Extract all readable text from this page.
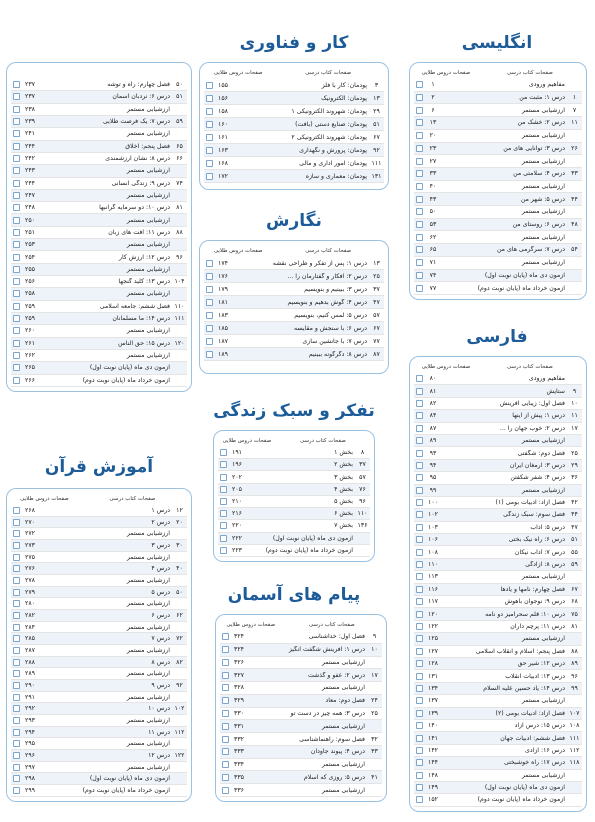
انگلیسی
صفحات کتاب درسی
صفحات دروس طلایی
مفاهیم ورودی
۱
۱
درس ۱: مثبت من
۲
۷
ارزشیابی مستمر
۶
۱۱
درس ۲: خشک من
۱۳
ارزشیابی مستمر
۲۰
۲۶
درس ۳: توانایی های من
۲۳
ارزشیابی مستمر
۲۷
۳۳
درس ۴: سلامتی من
۳۳
ارزشیابی مستمر
۴۰
۴۴
درس ۵: شهر من
۴۳
ارزشیابی مستمر
۵۰
۴۸
درس ۶: روستای من
۵۳
ارزشیابی مستمر
۶۲
۵۴
درس ۷: سرگرمی های من
۶۵
ارزشیابی مستمر
۷۱
آزمون دی ماه (پایان نوبت اول)
۷۴
آزمون خرداد ماه (پایان نوبت دوم)
۷۷
فارسی
صفحات کتاب درسی
صفحات دروس طلایی
مفاهیم ورودی
۸۰
۹
ستایش
۸۱
۱۰
فصل اول: زیبایی آفرینش
۸۲
۱۱
درس ۱: پیش از اینها
۸۴
۱۷
درس ۲: خوب جهان را ...
۸۷
ارزشیابی مستمر
۸۹
۲۵
فصل دوم: شگفتی
۹۳
۲۹
درس ۳: ارمغان ایران
۹۴
۳۶
درس ۴: شفر شکفتن
۹۵
ارزشیابی مستمر
۹۹
۴۲
فصل آزاد: ادبیات بومی (۱)
۱۰۰
۴۴
فصل سوم: سبک زندگی
۱۰۲
۴۷
درس ۵: آداب
۱۰۳
۵۱
درس ۶: راه نیک بختی
۱۰۶
۵۵
درس ۷: آداب نیکان
۱۰۸
۵۹
درس ۸: آزادگی
۱۱۰
ارزشیابی مستمر
۱۱۳
۶۷
فصل چهارم: نامها و یادها
۱۱۶
۶۸
درس ۹: نوجوان باهوش
۱۱۷
۷۵
درس ۱۰: قلم سحرآمیز دو نامه
۱۲۰
۸۱
درس ۱۱: پرچم داران
۱۲۲
ارزشیابی مستمر
۱۲۵
۸۸
فصل پنجم: اسلام و انقلاب اسلامی
۱۲۷
۸۹
درس ۱۲: شیر حق
۱۲۸
۹۶
درس ۱۳: ادبیات انقلاب
۱۳۱
۹۹
درس ۱۴: یاد حسین علیه السلام
۱۳۴
ارزشیابی مستمر
۱۳۷
۱۰۷
فصل آزاد: ادبیات بومی (۲)
۱۳۹
۱۰۸
درس ۱۵: درس آزاد
۱۴۰
۱۱۱
فصل ششم: ادبیات جهان
۱۴۱
۱۱۲
درس ۱۶: آزادی
۱۴۲
۱۱۸
درس ۱۷: راه خوشبختی
۱۴۴
ارزشیابی مستمر
۱۴۸
آزمون دی ماه (پایان نوبت اول)
۱۴۹
آزمون خرداد ماه (پایان نوبت دوم)
۱۵۲
کار و فناوری
صفحات کتاب درسی
صفحات دروس طلایی
۳
پودمان: کار با فلز
۱۵۵
۱۳
پودمان: الکترونیک
۱۵۶
۲۹
پودمان: شهروند الکترونیکی ۱
۱۵۸
۵۱
پودمان: صنایع دستی (بافت)
۱۶۰
۶۷
پودمان: شهروند الکترونیکی ۲
۱۶۱
۹۲
پودمان: پرورش و نگهداری
۱۶۳
۱۱۱
پودمان: امور اداری و مالی
۱۶۸
۱۳۱
پودمان: معماری و سازه
۱۷۲
نگارش
صفحات کتاب درسی
صفحات دروس طلایی
۱۳
درس ۱: پس از تفکر و طراحی نقشه
۱۷۴
۲۵
درس ۲: افکار و گفتارمان را ...
۱۷۶
۳۷
درس ۳: ببینیم و بنویسیم
۱۷۹
۴۷
درس ۴: گوش بدهیم و بنویسیم
۱۸۱
۵۷
درس ۵: لمس کنیم، بنویسیم
۱۸۳
۶۷
درس ۶: با سنجش و مقایسه
۱۸۵
۷۷
درس ۷: با جانشین سازی
۱۸۷
۸۷
درس ۸: دگرگونه ببینیم
۱۸۹
تفکر و سبک زندگی
صفحات کتاب درسی
صفحات دروس طلایی
۸
بخش ۱
۱۹۱
۳۷
بخش ۲
۱۹۶
۵۷
بخش ۳
۲۰۲
۷۶
بخش ۴
۲۰۵
۹۶
بخش ۵
۲۱۰
۱۱۰
بخش ۶
۲۱۶
۱۳۶
بخش ۷
۲۲۰
آزمون دی ماه (پایان نوبت اول)
۲۲۲
آزمون خرداد ماه (پایان نوبت دوم)
۲۲۳
پیام های آسمان
صفحات کتاب درسی
صفحات دروس طلایی
۹
فصل اول: خداشناسی
۳۲۴
۱۰
درس ۱: آفرینش شگفت انگیز
۳۲۴
ارزشیابی مستمر
۳۲۶
۱۷
درس ۲: عفو و گذشت
۳۲۷
ارزشیابی مستمر
۳۲۸
۲۴
فصل دوم: معاد
۳۲۹
۲۵
درس ۳: همه چیز در دست تو
۳۳۰
ارزشیابی مستمر
۳۳۱
۳۲
فصل سوم: راهنماشناسی
۳۳۲
۳۳
درس ۴: پیوند جاودان
۳۳۳
ارزشیابی مستمر
۳۳۴
۴۱
درس ۵: روزی که اسلام
۳۳۵
ارزشیابی مستمر
۳۳۶
۵۰
فصل چهارم: راه و توشه
۲۳۷
۵۱
درس ۶: نردبان آسمان
۲۳۷
ارزشیابی مستمر
۲۳۸
۵۹
درس ۷: یک فرصت طلایی
۲۳۹
ارزشیابی مستمر
۲۴۱
۶۵
فصل پنجم: اخلاق
۲۴۴
۶۶
درس ۸: نشان ارزشمندی
۲۴۲
ارزشیابی مستمر
۲۴۳
۷۴
درس ۹: زندگی انسانی
۲۴۴
ارزشیابی مستمر
۲۴۷
۸۱
درس ۱۰: دو سرمایه گرانبها
۲۴۸
ارزشیابی مستمر
۲۵۰
۸۸
درس ۱۱: آفت های زبان
۲۵۱
ارزشیابی مستمر
۲۵۳
۹۶
درس ۱۲: ارزش کار
۲۵۴
ارزشیابی مستمر
۲۵۵
۱۰۴
درس ۱۳: کلید گنجها
۲۵۶
ارزشیابی مستمر
۲۵۸
۱۱۰
فصل ششم: جامعه اسلامی
۲۵۹
۱۱۱
درس ۱۴: ما مسلمانان
۲۵۹
ارزشیابی مستمر
۲۶۰
۱۲۰
درس ۱۵: حق الناس
۲۶۱
ارزشیابی مستمر
۲۶۲
آزمون دی ماه (پایان نوبت اول)
۲۶۵
آزمون خرداد ماه (پایان نوبت دوم)
۲۶۶
آموزش قرآن
صفحات کتاب درسی
صفحات دروس طلایی
۱۲
درس ۱
۲۶۸
۲۰
درس ۲
۲۷۰
ارزشیابی مستمر
۲۷۲
۳۰
درس ۳
۲۷۳
ارزشیابی مستمر
۲۷۵
۴۰
درس ۴
۲۷۶
ارزشیابی مستمر
۲۷۸
۵۰
درس ۵
۲۷۹
ارزشیابی مستمر
۲۸۰
۶۲
درس ۶
۲۸۲
ارزشیابی مستمر
۲۸۴
۷۲
درس ۷
۲۸۵
ارزشیابی مستمر
۲۸۷
۸۲
درس ۸
۲۸۸
ارزشیابی مستمر
۲۸۹
۹۲
درس ۹
۲۹۰
ارزشیابی مستمر
۲۹۱
۱۰۲
درس ۱۰
۲۹۲
ارزشیابی مستمر
۲۹۳
۱۱۲
درس ۱۱
۲۹۴
ارزشیابی مستمر
۲۹۵
۱۲۲
درس ۱۲
۲۹۶
ارزشیابی مستمر
۲۹۷
آزمون دی ماه (پایان نوبت اول)
۲۹۸
آزمون خرداد ماه (پایان نوبت دوم)
۲۹۹
